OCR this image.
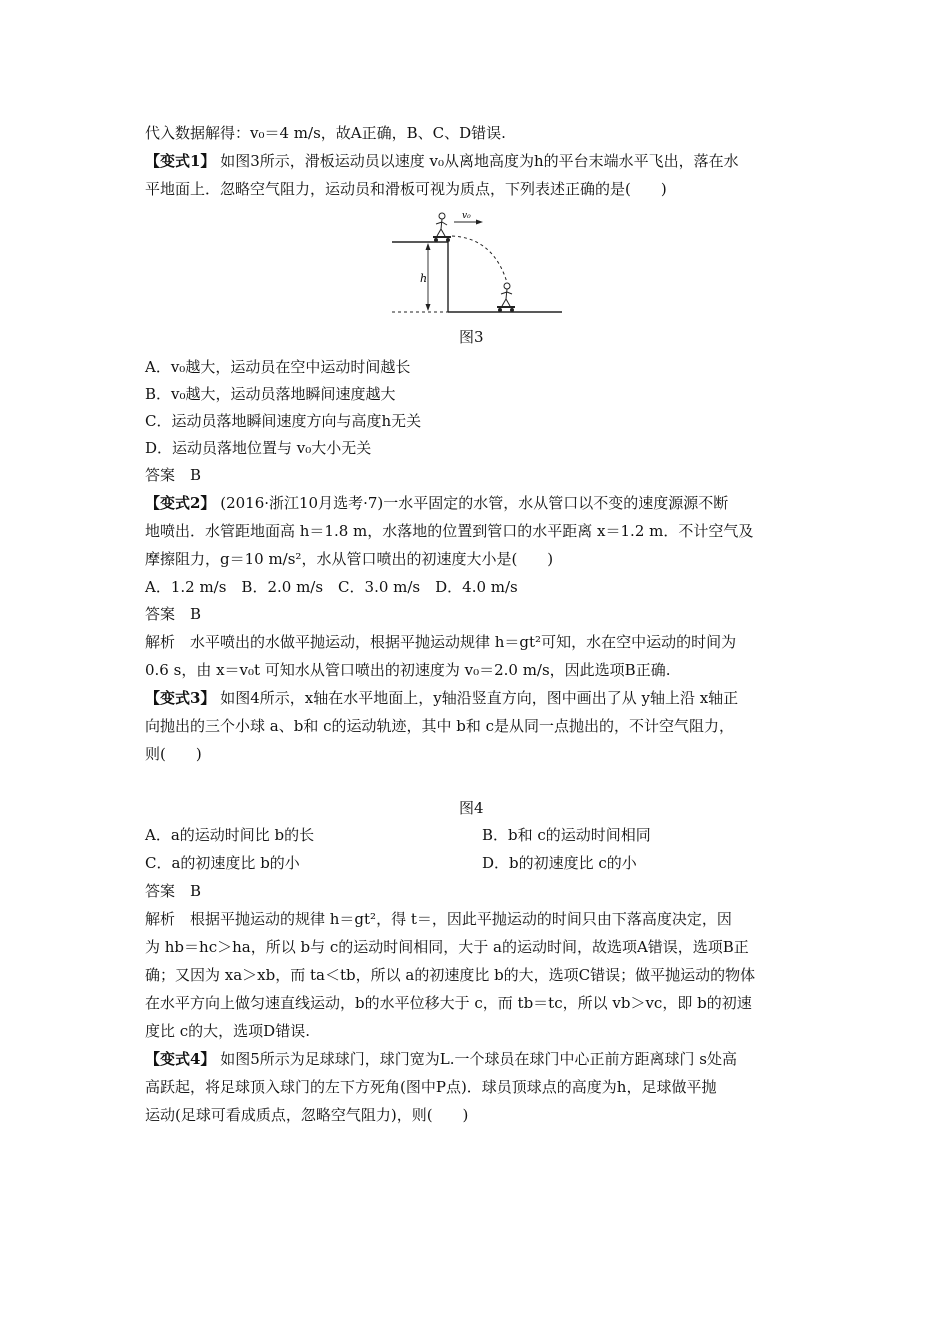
代入数据解得：v₀＝4 m/s，故A正确，B、C、D错误.
【变式1】 如图3所示，滑板运动员以速度 v₀从离地高度为h的平台末端水平飞出，落在水
平地面上．忽略空气阻力，运动员和滑板可视为质点，下列表述正确的是(　　)
h
v₀
图3
A．v₀越大，运动员在空中运动时间越长
B．v₀越大，运动员落地瞬间速度越大
C．运动员落地瞬间速度方向与高度h无关
D．运动员落地位置与 v₀大小无关
答案　B
【变式2】 (2016·浙江10月选考·7)一水平固定的水管，水从管口以不变的速度源源不断
地喷出．水管距地面高 h＝1.8 m，水落地的位置到管口的水平距离 x＝1.2 m．不计空气及
摩擦阻力，g＝10 m/s²，水从管口喷出的初速度大小是(　　)
A．1.2 m/s　B．2.0 m/s　C．3.0 m/s　D．4.0 m/s
答案　B
解析　水平喷出的水做平抛运动，根据平抛运动规律 h＝gt²可知，水在空中运动的时间为
0.6 s，由 x＝v₀t 可知水从管口喷出的初速度为 v₀＝2.0 m/s，因此选项B正确.
【变式3】 如图4所示，x轴在水平地面上，y轴沿竖直方向，图中画出了从 y轴上沿 x轴正
向抛出的三个小球 a、b和 c的运动轨迹，其中 b和 c是从同一点抛出的，不计空气阻力，
则(　　)
图4
A．a的运动时间比 b的长	B．b和 c的运动时间相同
C．a的初速度比 b的小	D．b的初速度比 c的小
答案　B
解析　根据平抛运动的规律 h＝gt²，得 t＝，因此平抛运动的时间只由下落高度决定，因
为 hb＝hc＞ha，所以 b与 c的运动时间相同，大于 a的运动时间，故选项A错误，选项B正
确；又因为 xa＞xb，而 ta＜tb，所以 a的初速度比 b的大，选项C错误；做平抛运动的物体
在水平方向上做匀速直线运动，b的水平位移大于 c，而 tb＝tc，所以 vb＞vc，即 b的初速
度比 c的大，选项D错误.
【变式4】 如图5所示为足球球门，球门宽为L.一个球员在球门中心正前方距离球门 s处高
高跃起，将足球顶入球门的左下方死角(图中P点)．球员顶球点的高度为h，足球做平抛
运动(足球可看成质点，忽略空气阻力)，则(　　)
